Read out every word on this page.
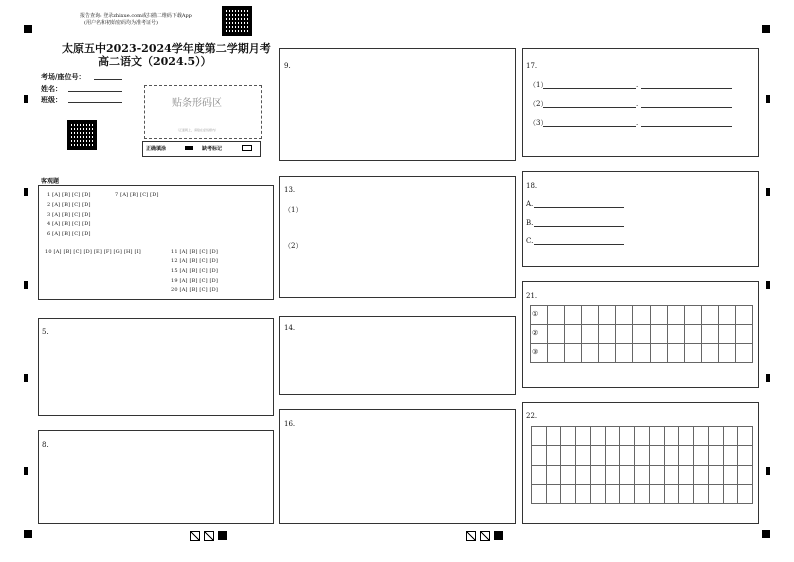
报告查询: 登录zhixue.com或扫描二维码下载App
(用户名和初始密码均为准考证号)
太原五中2023-2024学年度第二学期月考
高二语文（2024.5））
考场/座位号：
姓名：
班级：	贴条形码区
（正面朝上，请贴在虚线框内）
正确填涂	缺考标记
客观题
1 [A] [B] [C] [D]	7 [A] [B] [C] [D]
2 [A] [B] [C] [D]
3 [A] [B] [C] [D]
4 [A] [B] [C] [D]
6 [A] [B] [C] [D]
10 [A] [B] [C] [D] [E] [F] [G] [H] [I]	11 [A] [B] [C] [D]
12 [A] [B] [C] [D]
15 [A] [B] [C] [D]
19 [A] [B] [C] [D]
20 [A] [B] [C] [D]
5.
8.
9.
13.
（1）
（2）
14.
16.
17.
（1）	.
（2）	.
（3）	.
18.
A.
B.
C.
21.
①
②
③
22.
